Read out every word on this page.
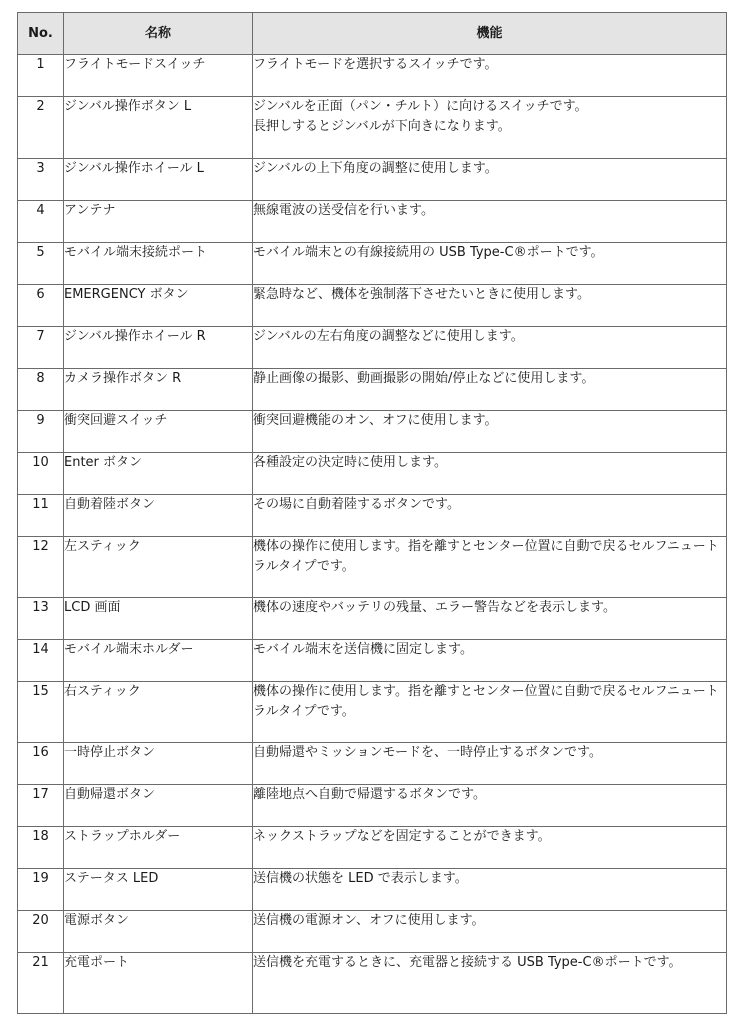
No.	名称	機能
1	フライトモードスイッチ	フライトモードを選択するスイッチです。
2	ジンバル操作ボタン L	ジンバルを正面（パン・チルト）に向けるスイッチです。
長押しするとジンバルが下向きになります。
3	ジンバル操作ホイール L	ジンバルの上下角度の調整に使用します。
4	アンテナ	無線電波の送受信を行います。
5	モバイル端末接続ポート	モバイル端末との有線接続用の USB Type-C®ポートです。
6	EMERGENCY ボタン	緊急時など、機体を強制落下させたいときに使用します。
7	ジンバル操作ホイール R	ジンバルの左右角度の調整などに使用します。
8	カメラ操作ボタン R	静止画像の撮影、動画撮影の開始/停止などに使用します。
9	衝突回避スイッチ	衝突回避機能のオン、オフに使用します。
10	Enter ボタン	各種設定の決定時に使用します。
11	自動着陸ボタン	その場に自動着陸するボタンです。
12	左スティック	機体の操作に使用します。指を離すとセンター位置に自動で戻るセルフニュートラルタイプです。
13	LCD 画面	機体の速度やバッテリの残量、エラー警告などを表示します。
14	モバイル端末ホルダー	モバイル端末を送信機に固定します。
15	右スティック	機体の操作に使用します。指を離すとセンター位置に自動で戻るセルフニュートラルタイプです。
16	一時停止ボタン	自動帰還やミッションモードを、一時停止するボタンです。
17	自動帰還ボタン	離陸地点へ自動で帰還するボタンです。
18	ストラップホルダー	ネックストラップなどを固定することができます。
19	ステータス LED	送信機の状態を LED で表示します。
20	電源ボタン	送信機の電源オン、オフに使用します。
21	充電ポート	送信機を充電するときに、充電器と接続する USB Type-C®ポートです。
